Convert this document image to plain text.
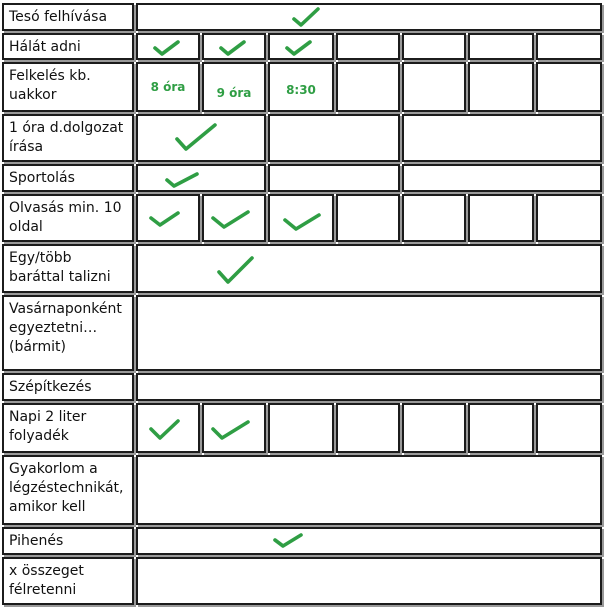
Tesó felhívása
Hálát adni
Felkelés kb. uakkor	8 óra	9 óra	8:30
1 óra d.dolgozat írása
Sportolás
Olvasás min. 10 oldal
Egy/több baráttal talizni
Vasárnaponként egyeztetni… (bármit)
Szépítkezés
Napi 2 liter folyadék
Gyakorlom a légzéstechnikát, amikor kell
Pihenés
x összeget félretenni
